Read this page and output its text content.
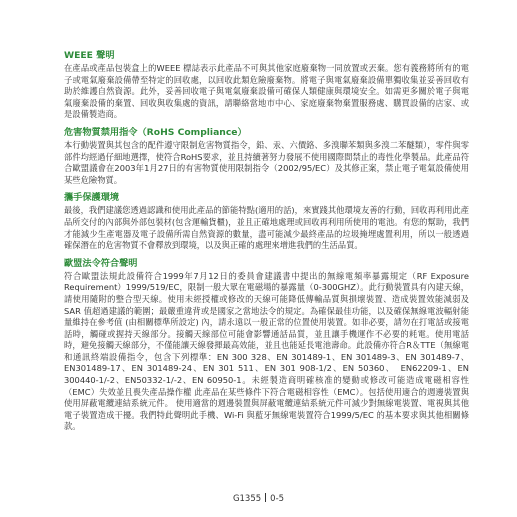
WEEE 聲明

在產品或產品包裝盒上的WEEE 標誌表示此產品不可與其他家庭廢棄物一同放置或丟棄。您有義務將所有的電子或電氣廢棄設備帶至特定的回收處，以回收此類危險廢棄物。將電子與電氣廢棄設備單獨收集並妥善回收有助於維護自然資源。此外，妥善回收電子與電氣廢棄設備可確保人類健康與環境安全。如需更多關於電子與電氣廢棄設備的棄置、回收與收集處的資訊，請聯絡當地市中心、家庭廢棄物棄置服務處、購買設備的店家、或是設備製造商。

危害物質禁用指令（RoHS Compliance）

本行動裝置與其包含的配件遵守限制危害物質指令，鉛、汞、六價鉻、多溴聯苯類與多溴二苯醚類），零件與零部件均經過仔細地選擇，使符合RoHS要求，並且持續著努力發展不使用國際間禁止的毒性化學製品。此產品符合歐盟議會在2003年1月27日的有害物質使用限制指令（2002/95/EC）及其修正案，禁止電子電氣設備使用某些危險物質。

攜手保護環境

最後，我們建議您透過認識和使用此產品的節能特點(適用的話)，來實踐其他環境友善的行動，回收再利用此產品所交付的內部與外部包裝材(包含運輸貨櫃)，並且正確地處理或回收再利用所使用的電池。有您的幫助，我們才能減少生產電器及電子設備所需自然資源的數量，盡可能減少最終產品的垃圾掩埋處置利用，所以一般透過確保潛在的危害物質不會釋放到環境，以及與正確的處理來增進我們的生活品質。

歐盟法令符合聲明

符合歐盟法規此設備符合1999年7月12日的委員會建議書中提出的無線電頻率暴露規定（RF Exposure Requirement）1999/519/EC，限制一般大眾在電磁場的暴露量（0-300GHZ）。此行動裝置具有內建天線，請使用隨附的整合型天線。使用未經授權或修改的天線可能降低傳輸品質與損壞裝置、造成裝置效能減弱及 SAR 值超過建議的範圍；最嚴重違背或是國家之當地法令的規定。為確保最佳功能，以及確保無線電波輻射能量維持在參考值 (由相關標準所設定) 內，請永遠以一般正常的位置使用裝置。如非必要，請勿在打電話或接電話時，觸碰或握持天線部分。接觸天線部位可能會影響通話品質，並且讓手機運作不必要的耗電。使用電話時，避免接觸天線部分，不僅能讓天線發揮最高效能，並且也能延長電池壽命。此設備亦符合R＆TTE（無線電和通訊終端設備指令，包含下列標準：EN 300 328、EN 301489-1、EN 301489-3、EN 301489-7、EN301489-17、EN 301489-24、EN 301 511、EN 301 908-1/2、EN 50360、　EN62209-1、EN 300440-1/-2、EN50332-1/-2、EN 60950-1。未經製造商明確核准的變動或修改可能造成電磁相容性（EMC）失效並且喪失產品操作權 此產品在某些條件下符合電磁相容性（EMC）。包括使用適合的週邊裝置與使用屏蔽電纜連結系統元件。 使用適當的週邊裝置與屏蔽電纜連結系統元件可減少對無線電裝置、電視與其他電子裝置造成干擾。我們特此聲明此手機、Wi-Fi 與藍牙無線電裝置符合1999/5/EC 的基本要求與其他相關條款。

G1355 0-5
